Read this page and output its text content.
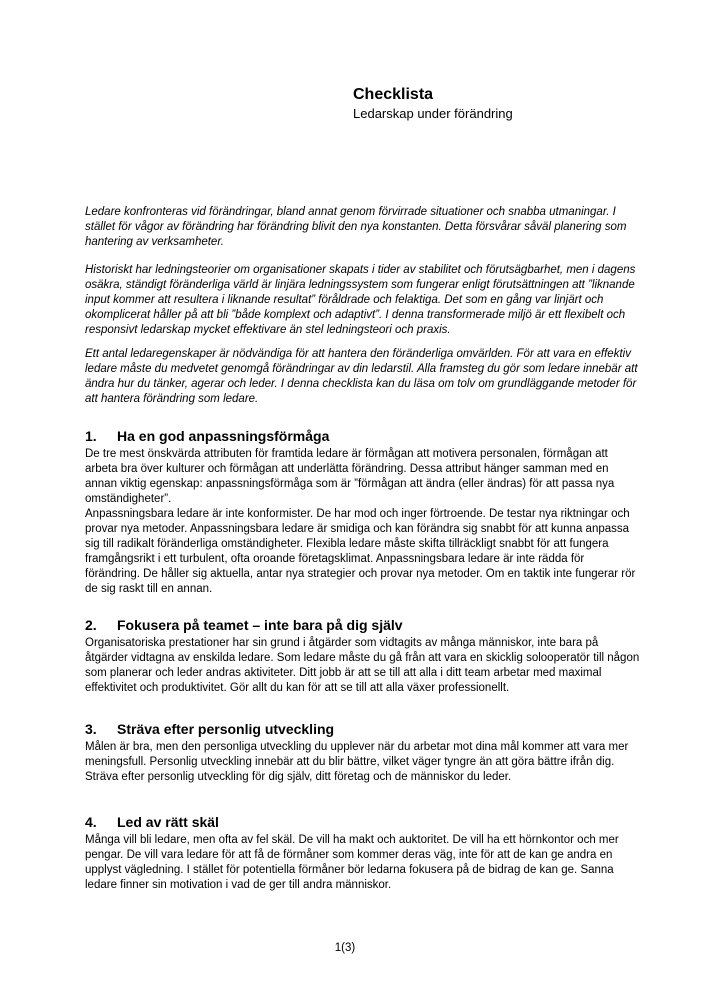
Checklista
Ledarskap under förändring

Ledare konfronteras vid förändringar, bland annat genom förvirrade situationer och snabba utmaningar. I stället för vågor av förändring har förändring blivit den nya konstanten. Detta försvårar såväl planering som hantering av verksamheter.

Historiskt har ledningsteorier om organisationer skapats i tider av stabilitet och förutsägbarhet, men i dagens osäkra, ständigt föränderliga värld är linjära ledningssystem som fungerar enligt förutsättningen att ”liknande input kommer att resultera i liknande resultat” föråldrade och felaktiga. Det som en gång var linjärt och okomplicerat håller på att bli ”både komplext och adaptivt”. I denna transformerade miljö är ett flexibelt och responsivt ledarskap mycket effektivare än stel ledningsteori och praxis.

Ett antal ledaregenskaper är nödvändiga för att hantera den föränderliga omvärlden. För att vara en effektiv ledare måste du medvetet genomgå förändringar av din ledarstil. Alla framsteg du gör som ledare innebär att ändra hur du tänker, agerar och leder. I denna checklista kan du läsa om tolv om grundläggande metoder för att hantera förändring som ledare.

1. Ha en god anpassningsförmåga

De tre mest önskvärda attributen för framtida ledare är förmågan att motivera personalen, förmågan att arbeta bra över kulturer och förmågan att underlätta förändring. Dessa attribut hänger samman med en annan viktig egenskap: anpassningsförmåga som är ”förmågan att ändra (eller ändras) för att passa nya omständigheter”.

Anpassningsbara ledare är inte konformister. De har mod och inger förtroende. De testar nya riktningar och provar nya metoder. Anpassningsbara ledare är smidiga och kan förändra sig snabbt för att kunna anpassa sig till radikalt föränderliga omständigheter. Flexibla ledare måste skifta tillräckligt snabbt för att fungera framgångsrikt i ett turbulent, ofta oroande företagsklimat. Anpassningsbara ledare är inte rädda för förändring. De håller sig aktuella, antar nya strategier och provar nya metoder. Om en taktik inte fungerar rör de sig raskt till en annan.

2. Fokusera på teamet – inte bara på dig själv

Organisatoriska prestationer har sin grund i åtgärder som vidtagits av många människor, inte bara på åtgärder vidtagna av enskilda ledare. Som ledare måste du gå från att vara en skicklig solooperatör till någon som planerar och leder andras aktiviteter. Ditt jobb är att se till att alla i ditt team arbetar med maximal effektivitet och produktivitet. Gör allt du kan för att se till att alla växer professionellt.

3. Sträva efter personlig utveckling

Målen är bra, men den personliga utveckling du upplever när du arbetar mot dina mål kommer att vara mer meningsfull. Personlig utveckling innebär att du blir bättre, vilket väger tyngre än att göra bättre ifrån dig. Sträva efter personlig utveckling för dig själv, ditt företag och de människor du leder.

4. Led av rätt skäl

Många vill bli ledare, men ofta av fel skäl. De vill ha makt och auktoritet. De vill ha ett hörnkontor och mer pengar. De vill vara ledare för att få de förmåner som kommer deras väg, inte för att de kan ge andra en upplyst vägledning. I stället för potentiella förmåner bör ledarna fokusera på de bidrag de kan ge. Sanna ledare finner sin motivation i vad de ger till andra människor.

1(3)
